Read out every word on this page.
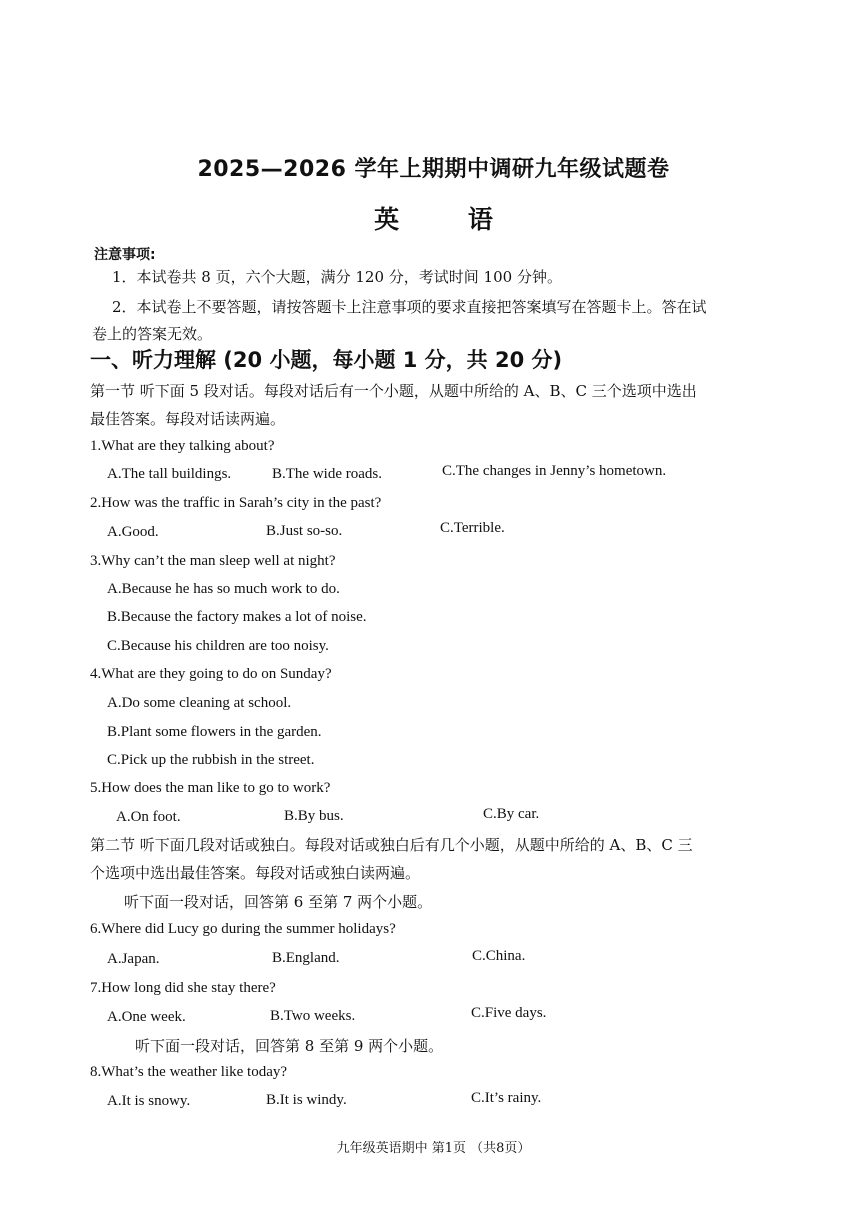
2025—2026 学年上期期中调研九年级试题卷
英 语
注意事项:
1．本试卷共 8 页，六个大题，满分 120 分，考试时间 100 分钟。
2．本试卷上不要答题，请按答题卡上注意事项的要求直接把答案填写在答题卡上。答在试
卷上的答案无效。
一、听力理解 (20 小题，每小题 1 分，共 20 分)
第一节 听下面 5 段对话。每段对话后有一个小题，从题中所给的 A、B、C 三个选项中选出
最佳答案。每段对话读两遍。
1.What are they talking about?
A.The tall buildings.	B.The wide roads.	C.The changes in Jenny’s hometown.
2.How was the traffic in Sarah’s city in the past?
A.Good.	B.Just so-so.	C.Terrible.
3.Why can’t the man sleep well at night?
A.Because he has so much work to do.
B.Because the factory makes a lot of noise.
C.Because his children are too noisy.
4.What are they going to do on Sunday?
A.Do some cleaning at school.
B.Plant some flowers in the garden.
C.Pick up the rubbish in the street.
5.How does the man like to go to work?
A.On foot.	B.By bus.	C.By car.
第二节 听下面几段对话或独白。每段对话或独白后有几个小题，从题中所给的 A、B、C 三
个选项中选出最佳答案。每段对话或独白读两遍。
听下面一段对话，回答第 6 至第 7 两个小题。
6.Where did Lucy go during the summer holidays?
A.Japan.	B.England.	C.China.
7.How long did she stay there?
A.One week.	B.Two weeks.	C.Five days.
听下面一段对话，回答第 8 至第 9 两个小题。
8.What’s the weather like today?
A.It is snowy.	B.It is windy.	C.It’s rainy.
九年级英语期中 第1页 （共8页）
